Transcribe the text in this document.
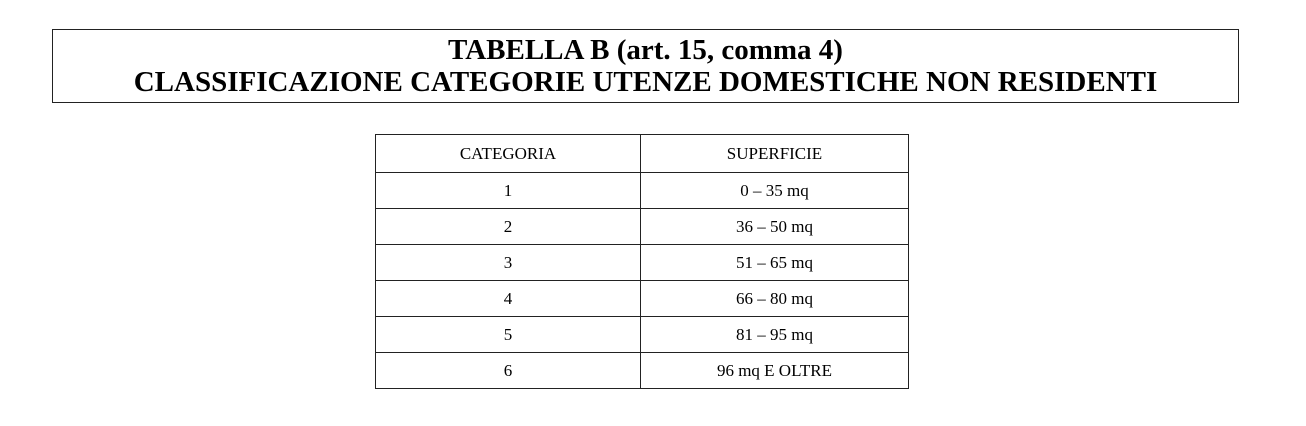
TABELLA B (art. 15, comma 4)
CLASSIFICAZIONE CATEGORIE UTENZE DOMESTICHE NON RESIDENTI
CATEGORIA	SUPERFICIE
1	0 – 35 mq
2	36 – 50 mq
3	51 – 65 mq
4	66 – 80 mq
5	81 – 95 mq
6	96 mq E OLTRE
